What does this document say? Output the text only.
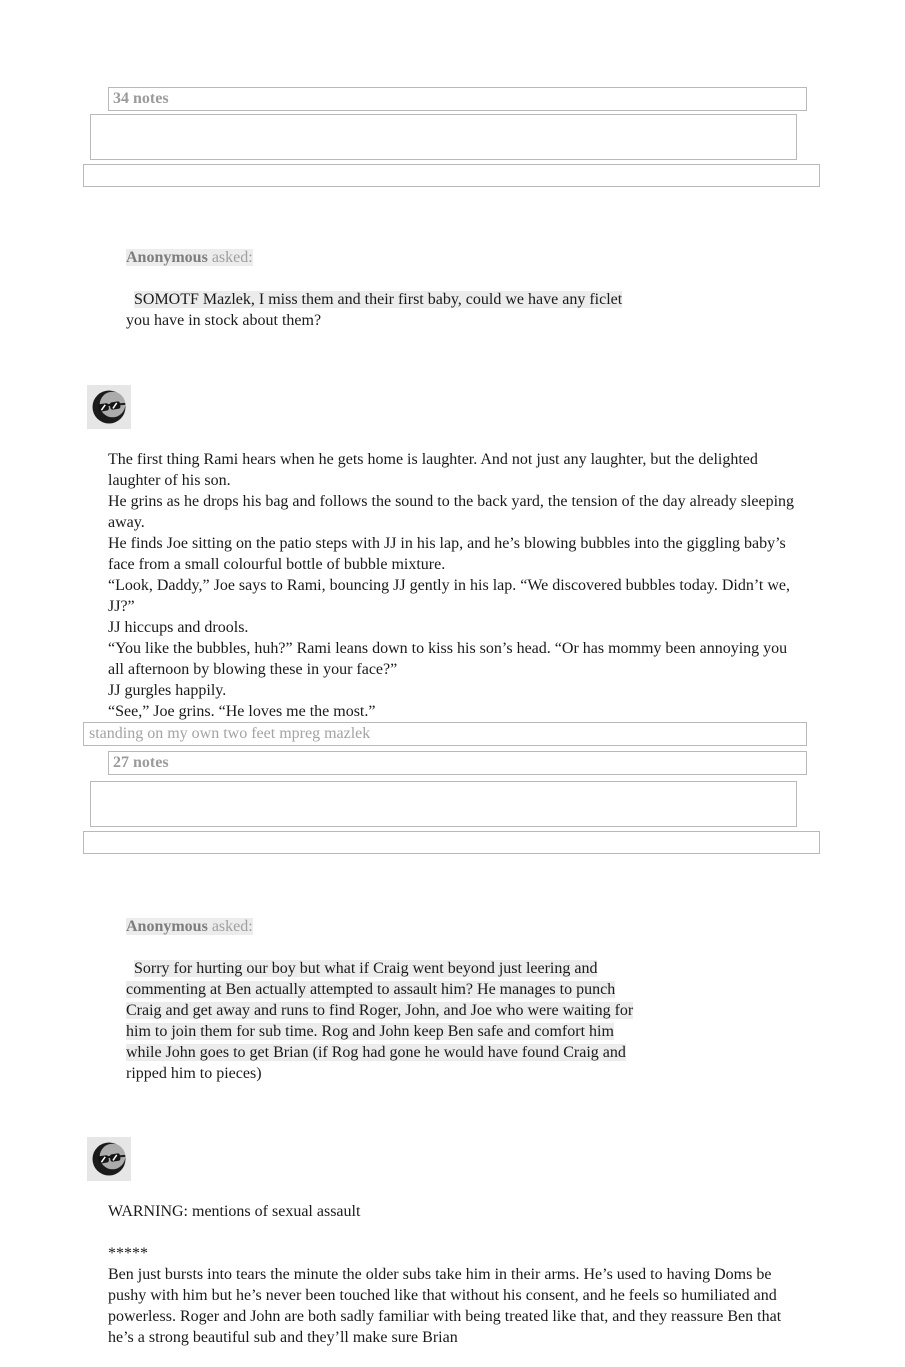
34 notes

Anonymous asked:

SOMOTF Mazlek, I miss them and their first baby, could we have any ficlet
you have in stock about them?

The first thing Rami hears when he gets home is laughter. And not just any laughter, but the delighted laughter of his son.
He grins as he drops his bag and follows the sound to the back yard, the tension of the day already sleeping away.
He finds Joe sitting on the patio steps with JJ in his lap, and he’s blowing bubbles into the giggling baby’s face from a small colourful bottle of bubble mixture.
“Look, Daddy,” Joe says to Rami, bouncing JJ gently in his lap. “We discovered bubbles today. Didn’t we, JJ?”
JJ hiccups and drools.
“You like the bubbles, huh?” Rami leans down to kiss his son’s head. “Or has mommy been annoying you all afternoon by blowing these in your face?”
JJ gurgles happily.
“See,” Joe grins. “He loves me the most.”
standing on my own two feet mpreg mazlek
27 notes

Anonymous asked:

Sorry for hurting our boy but what if Craig went beyond just leering and
commenting at Ben actually attempted to assault him? He manages to punch
Craig and get away and runs to find Roger, John, and Joe who were waiting for
him to join them for sub time. Rog and John keep Ben safe and comfort him
while John goes to get Brian (if Rog had gone he would have found Craig and
ripped him to pieces)

WARNING: mentions of sexual assault
*****
Ben just bursts into tears the minute the older subs take him in their arms. He’s used to having Doms be pushy with him but he’s never been touched like that without his consent, and he feels so humiliated and powerless. Roger and John are both sadly familiar with being treated like that, and they reassure Ben that he’s a strong beautiful sub and they’ll make sure Brian
